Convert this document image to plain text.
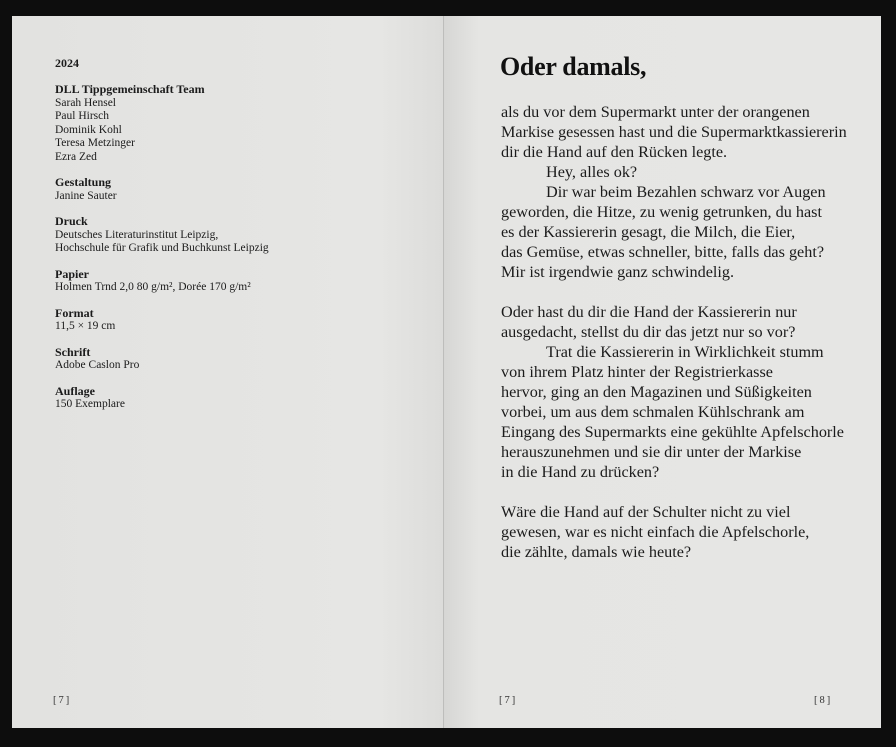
2024
DLL Tippgemeinschaft Team
Sarah Hensel
Paul Hirsch
Dominik Kohl
Teresa Metzinger
Ezra Zed
Gestaltung
Janine Sauter
Druck
Deutsches Literaturinstitut Leipzig,
Hochschule für Grafik und Buchkunst Leipzig
Papier
Holmen Trnd 2,0 80 g/m², Dorée 170 g/m²
Format
11,5 × 19 cm
Schrift
Adobe Caslon Pro
Auflage
150 Exemplare
[7]
Oder damals,
als du vor dem Supermarkt unter der orangenen
Markise gesessen hast und die Supermarktkassiererin
dir die Hand auf den Rücken legte.
Hey, alles ok?
Dir war beim Bezahlen schwarz vor Augen
geworden, die Hitze, zu wenig getrunken, du hast
es der Kassiererin gesagt, die Milch, die Eier,
das Gemüse, etwas schneller, bitte, falls das geht?
Mir ist irgendwie ganz schwindelig.
Oder hast du dir die Hand der Kassiererin nur
ausgedacht, stellst du dir das jetzt nur so vor?
Trat die Kassiererin in Wirklichkeit stumm
von ihrem Platz hinter der Registrierkasse
hervor, ging an den Magazinen und Süßigkeiten
vorbei, um aus dem schmalen Kühlschrank am
Eingang des Supermarkts eine gekühlte Apfelschorle
herauszunehmen und sie dir unter der Markise
in die Hand zu drücken?
Wäre die Hand auf der Schulter nicht zu viel
gewesen, war es nicht einfach die Apfelschorle,
die zählte, damals wie heute?
[7]	[8]
